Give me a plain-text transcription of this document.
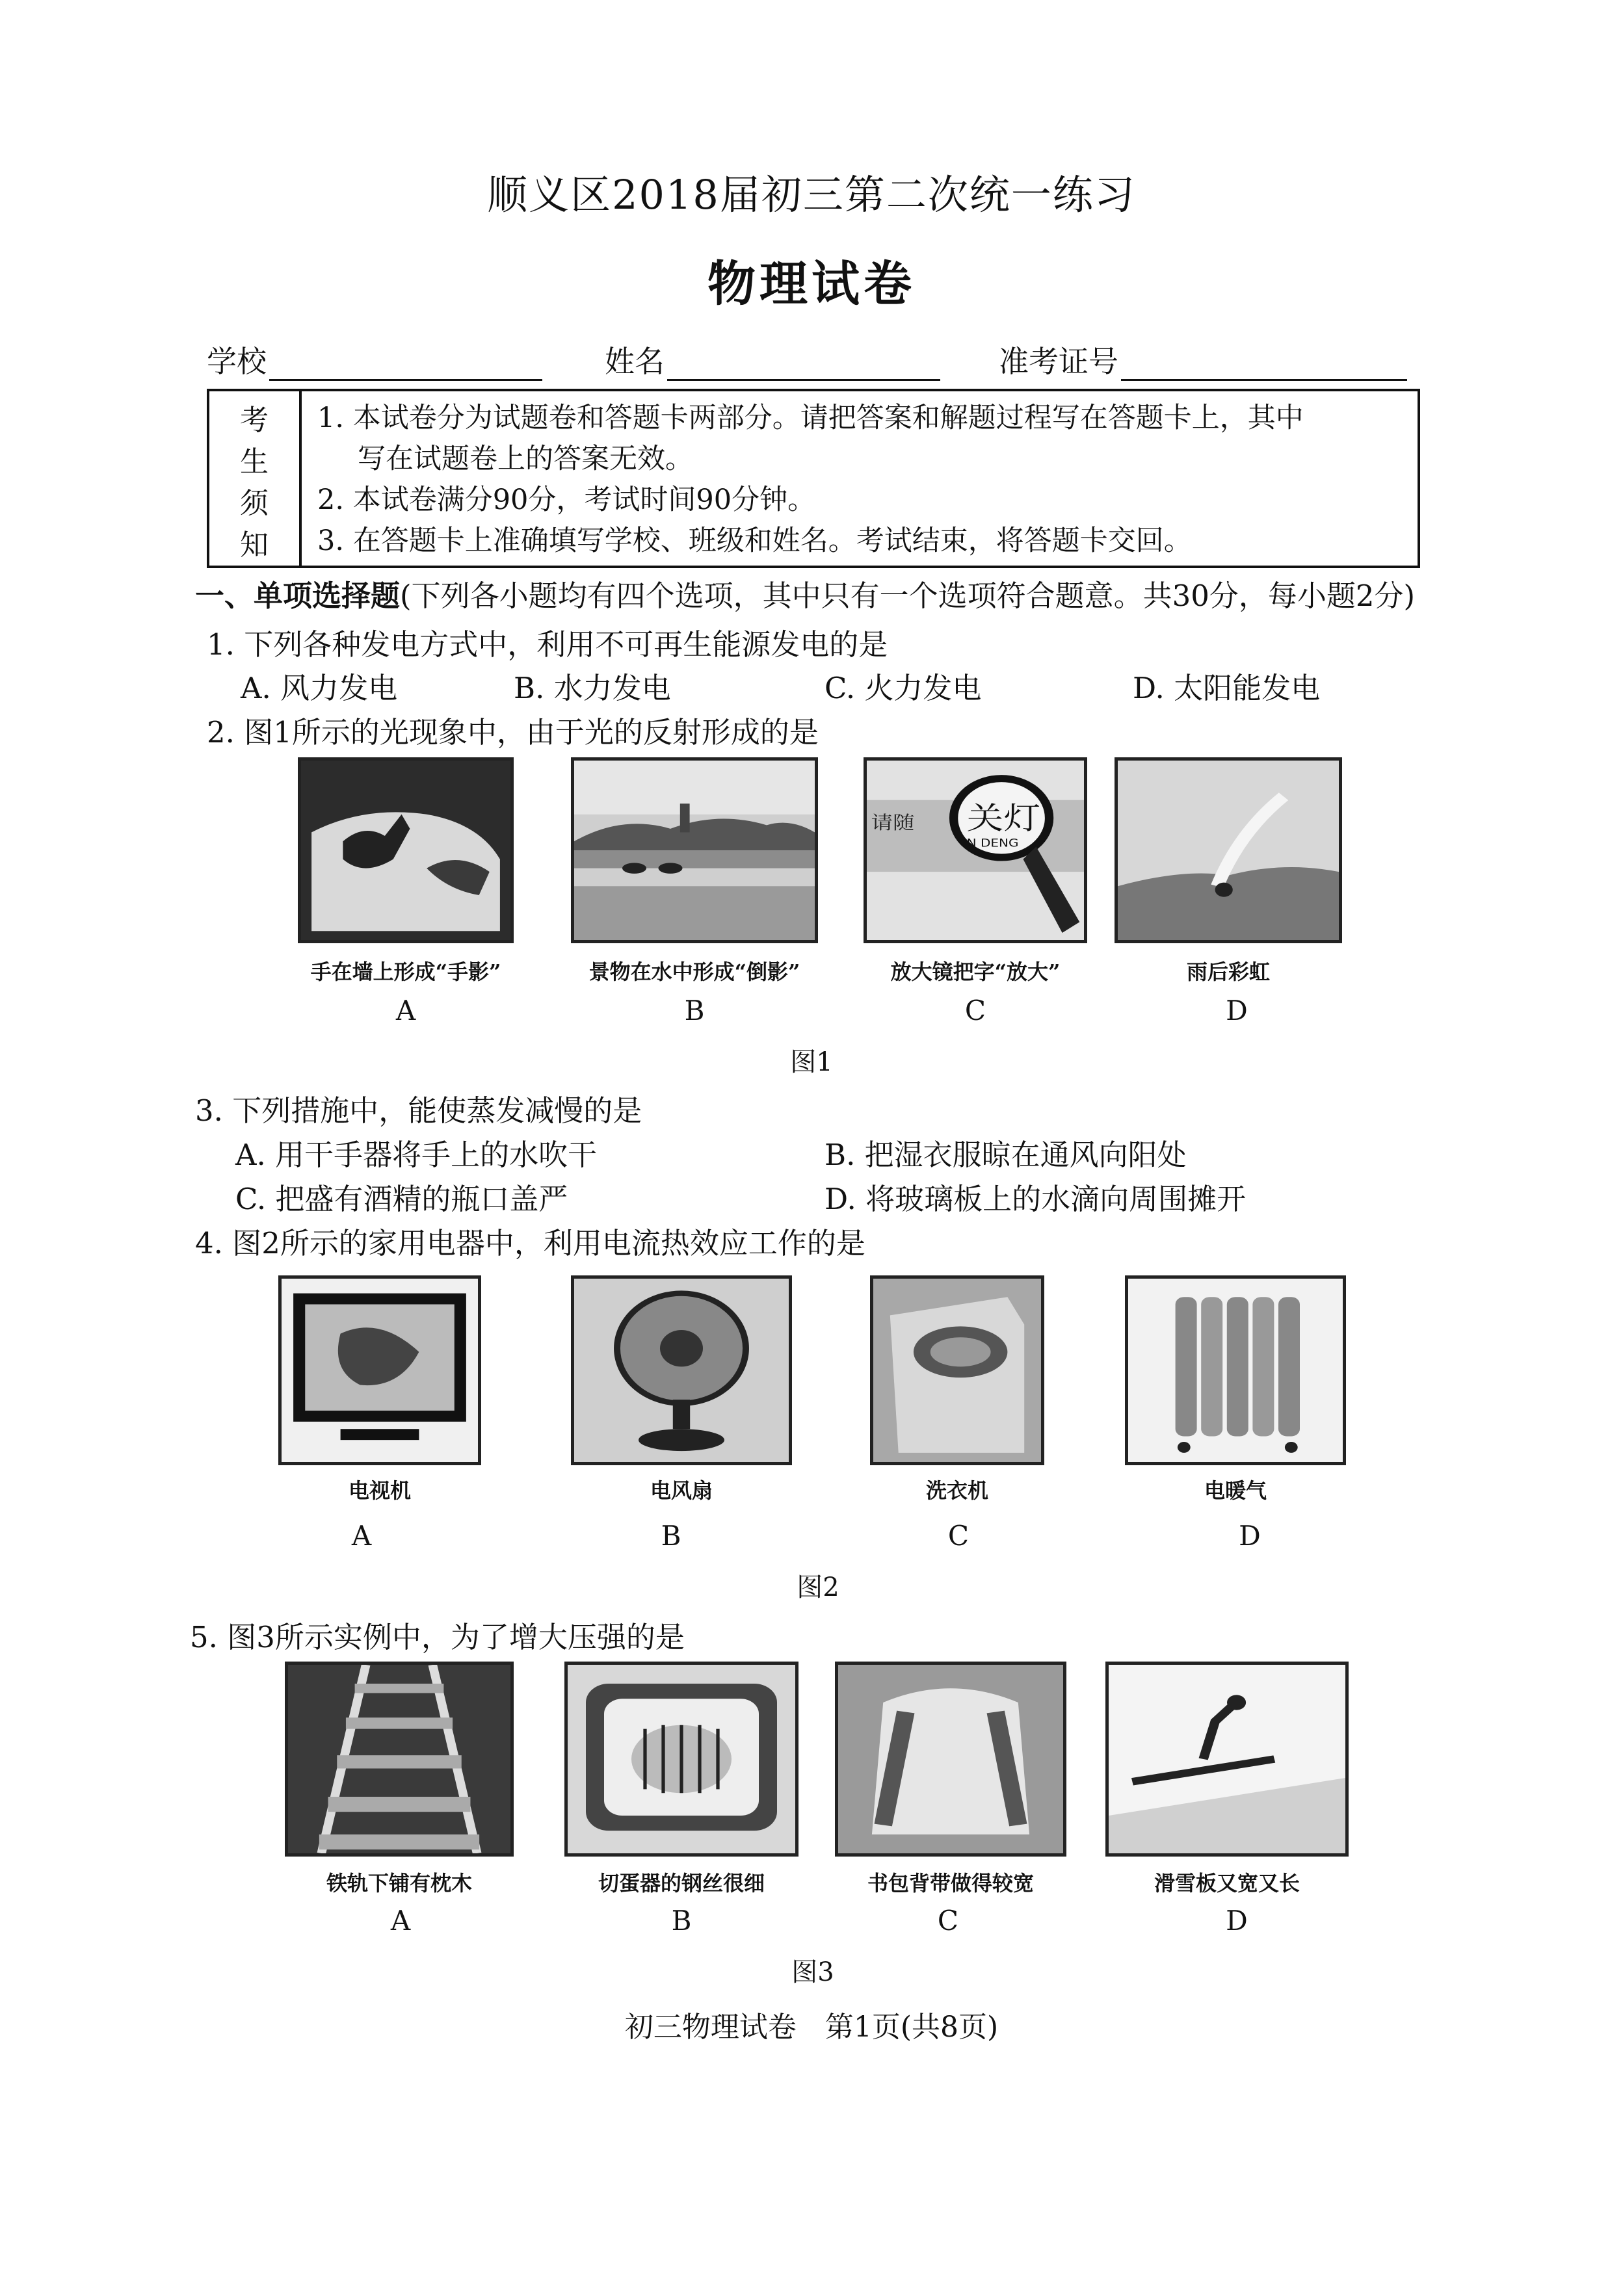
顺义区2018届初三第二次统一练习
物理试卷
学校	姓名	准考证号
考
生
须
知
1. 本试卷分为试题卷和答题卡两部分。请把答案和解题过程写在答题卡上，其中
写在试题卷上的答案无效。
2. 本试卷满分90分，考试时间90分钟。
3. 在答题卡上准确填写学校、班级和姓名。考试结束，将答题卡交回。
一、单项选择题(下列各小题均有四个选项，其中只有一个选项符合题意。共30分，每小题2分)
1. 下列各种发电方式中，利用不可再生能源发电的是
A. 风力发电	B. 水力发电	C. 火力发电	D. 太阳能发电
2. 图1所示的光现象中，由于光的反射形成的是
请随	关灯
N DENG
手在墙上形成“手影”	景物在水中形成“倒影”	放大镜把字“放大”	雨后彩虹
A	B	C	D
图1
3. 下列措施中，能使蒸发减慢的是
A. 用干手器将手上的水吹干	B. 把湿衣服晾在通风向阳处
C. 把盛有酒精的瓶口盖严	D. 将玻璃板上的水滴向周围摊开
4. 图2所示的家用电器中，利用电流热效应工作的是
电视机	电风扇	洗衣机	电暖气
A	B	C	D
图2
5. 图3所示实例中，为了增大压强的是
铁轨下铺有枕木	切蛋器的钢丝很细	书包背带做得较宽	滑雪板又宽又长
A	B	C	D
图3
初三物理试卷　第1页(共8页)
